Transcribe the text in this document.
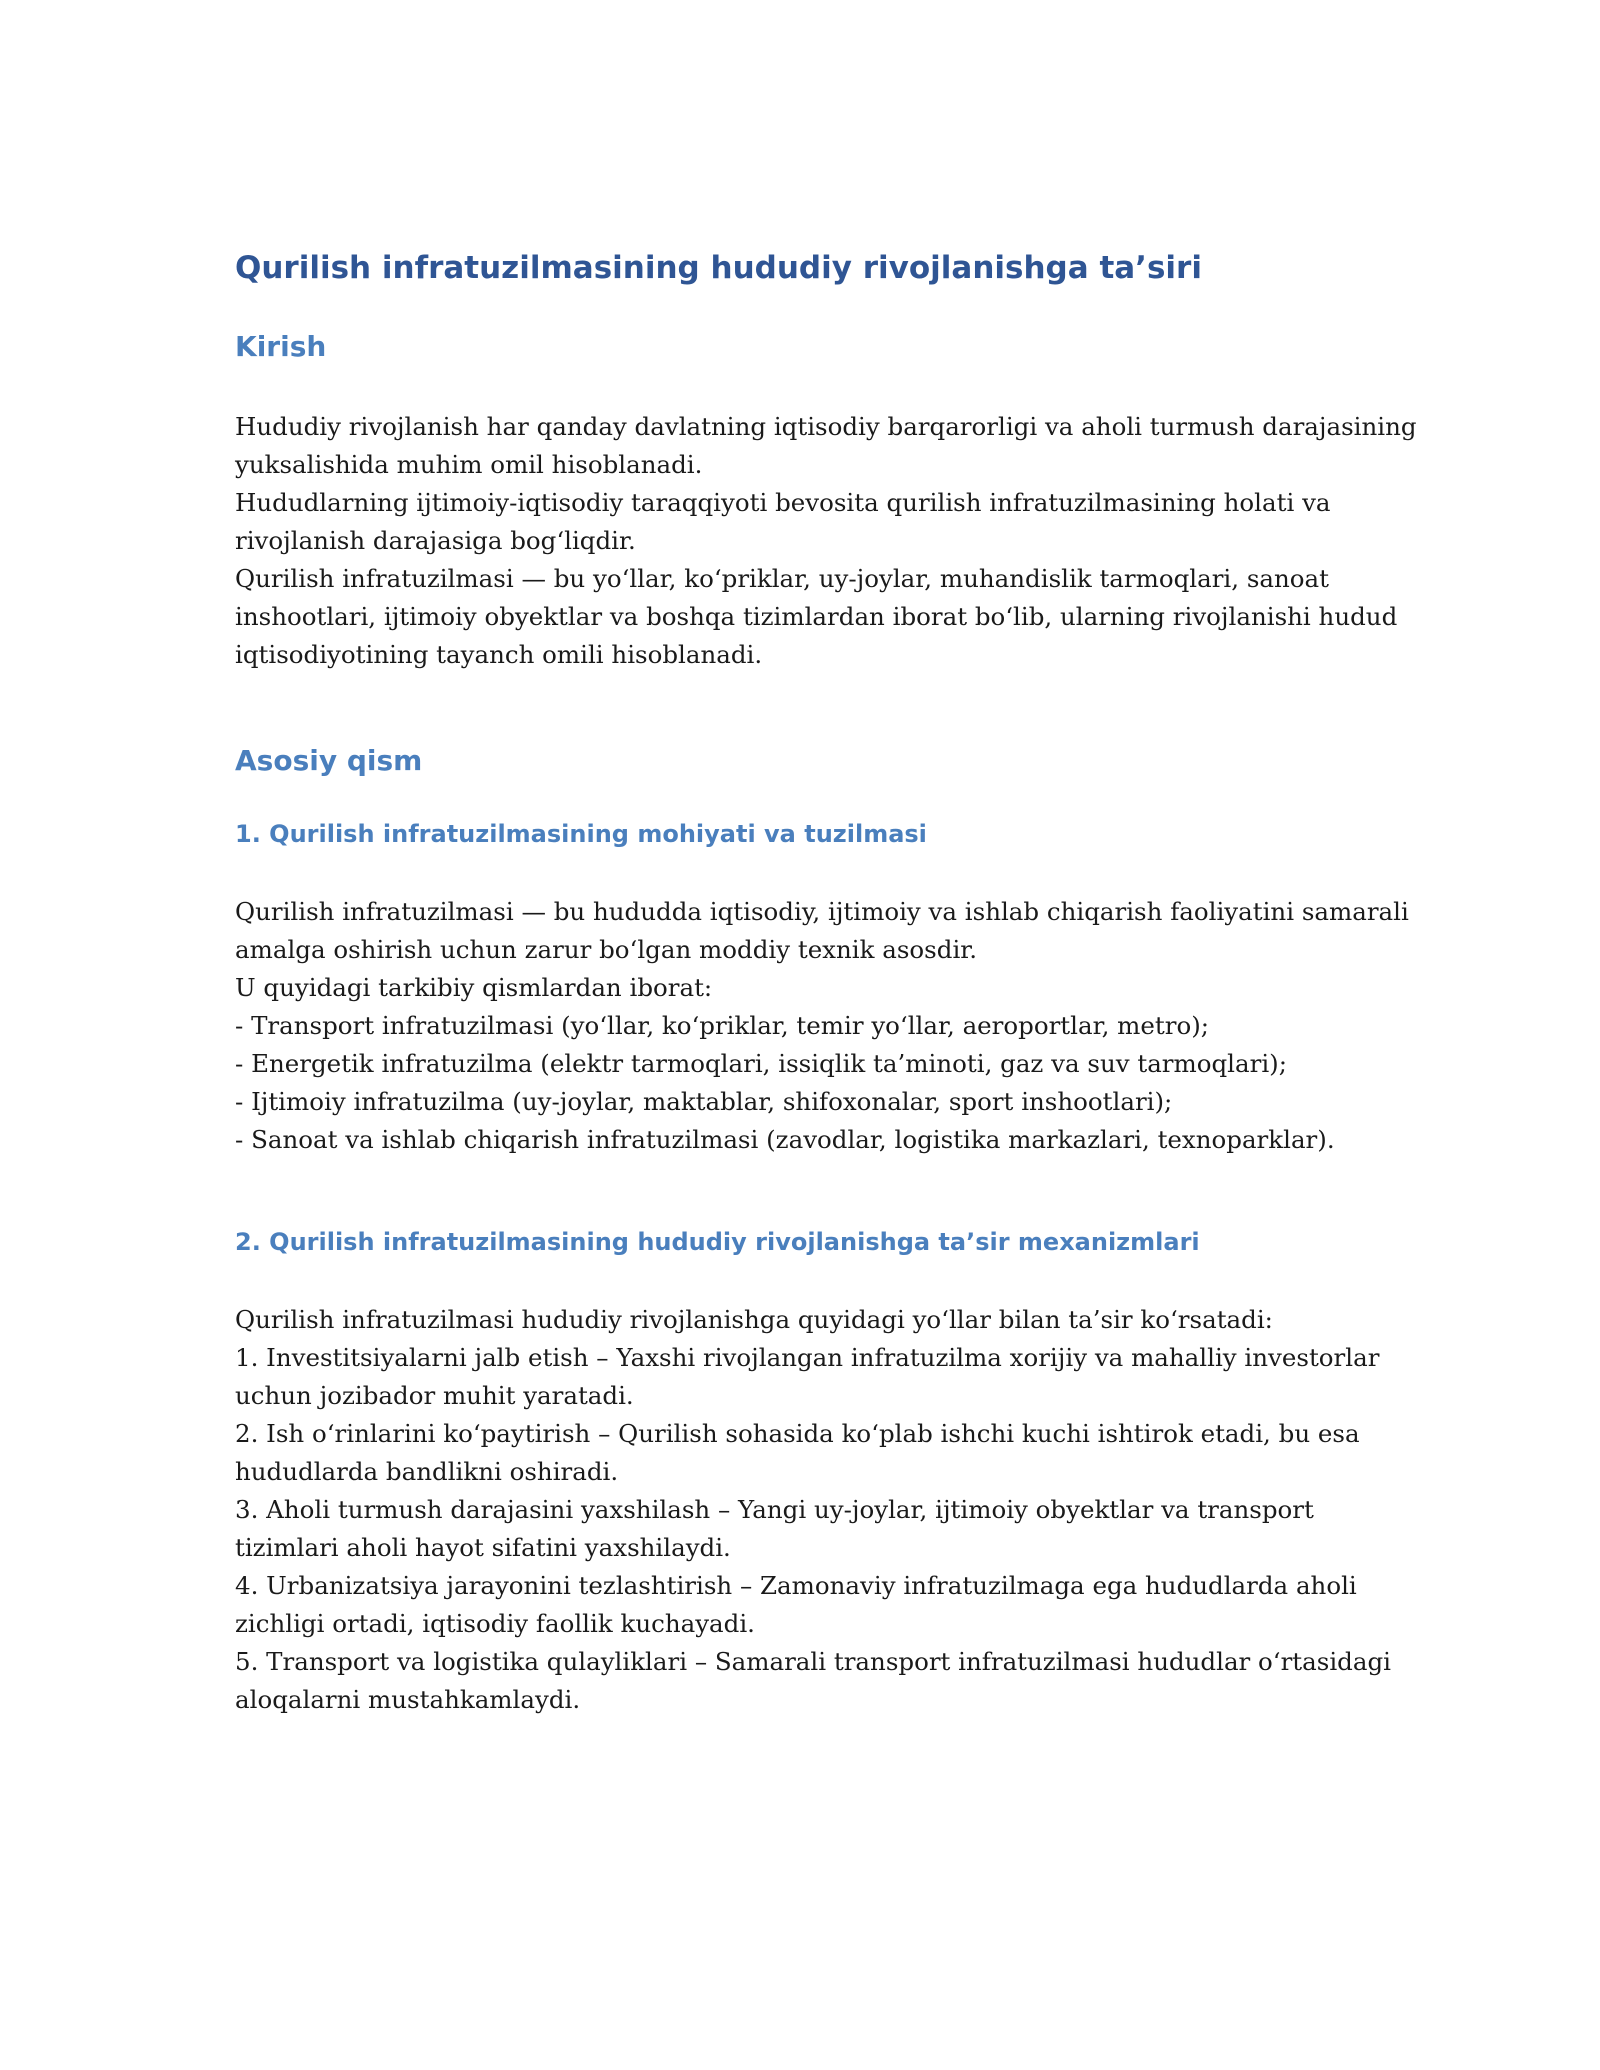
Qurilish infratuzilmasining hududiy rivojlanishga ta’siri
Kirish
Hududiy rivojlanish har qanday davlatning iqtisodiy barqarorligi va aholi turmush darajasining
yuksalishida muhim omil hisoblanadi.
Hududlarning ijtimoiy-iqtisodiy taraqqiyoti bevosita qurilish infratuzilmasining holati va
rivojlanish darajasiga bog‘liqdir.
Qurilish infratuzilmasi — bu yo‘llar, ko‘priklar, uy-joylar, muhandislik tarmoqlari, sanoat
inshootlari, ijtimoiy obyektlar va boshqa tizimlardan iborat bo‘lib, ularning rivojlanishi hudud
iqtisodiyotining tayanch omili hisoblanadi.
Asosiy qism
1. Qurilish infratuzilmasining mohiyati va tuzilmasi
Qurilish infratuzilmasi — bu hududda iqtisodiy, ijtimoiy va ishlab chiqarish faoliyatini samarali
amalga oshirish uchun zarur bo‘lgan moddiy texnik asosdir.
U quyidagi tarkibiy qismlardan iborat:
- Transport infratuzilmasi (yo‘llar, ko‘priklar, temir yo‘llar, aeroportlar, metro);
- Energetik infratuzilma (elektr tarmoqlari, issiqlik ta’minoti, gaz va suv tarmoqlari);
- Ijtimoiy infratuzilma (uy-joylar, maktablar, shifoxonalar, sport inshootlari);
- Sanoat va ishlab chiqarish infratuzilmasi (zavodlar, logistika markazlari, texnoparklar).
2. Qurilish infratuzilmasining hududiy rivojlanishga ta’sir mexanizmlari
Qurilish infratuzilmasi hududiy rivojlanishga quyidagi yo‘llar bilan ta’sir ko‘rsatadi:
1. Investitsiyalarni jalb etish – Yaxshi rivojlangan infratuzilma xorijiy va mahalliy investorlar
uchun jozibador muhit yaratadi.
2. Ish o‘rinlarini ko‘paytirish – Qurilish sohasida ko‘plab ishchi kuchi ishtirok etadi, bu esa
hududlarda bandlikni oshiradi.
3. Aholi turmush darajasini yaxshilash – Yangi uy-joylar, ijtimoiy obyektlar va transport
tizimlari aholi hayot sifatini yaxshilaydi.
4. Urbanizatsiya jarayonini tezlashtirish – Zamonaviy infratuzilmaga ega hududlarda aholi
zichligi ortadi, iqtisodiy faollik kuchayadi.
5. Transport va logistika qulayliklari – Samarali transport infratuzilmasi hududlar o‘rtasidagi
aloqalarni mustahkamlaydi.
